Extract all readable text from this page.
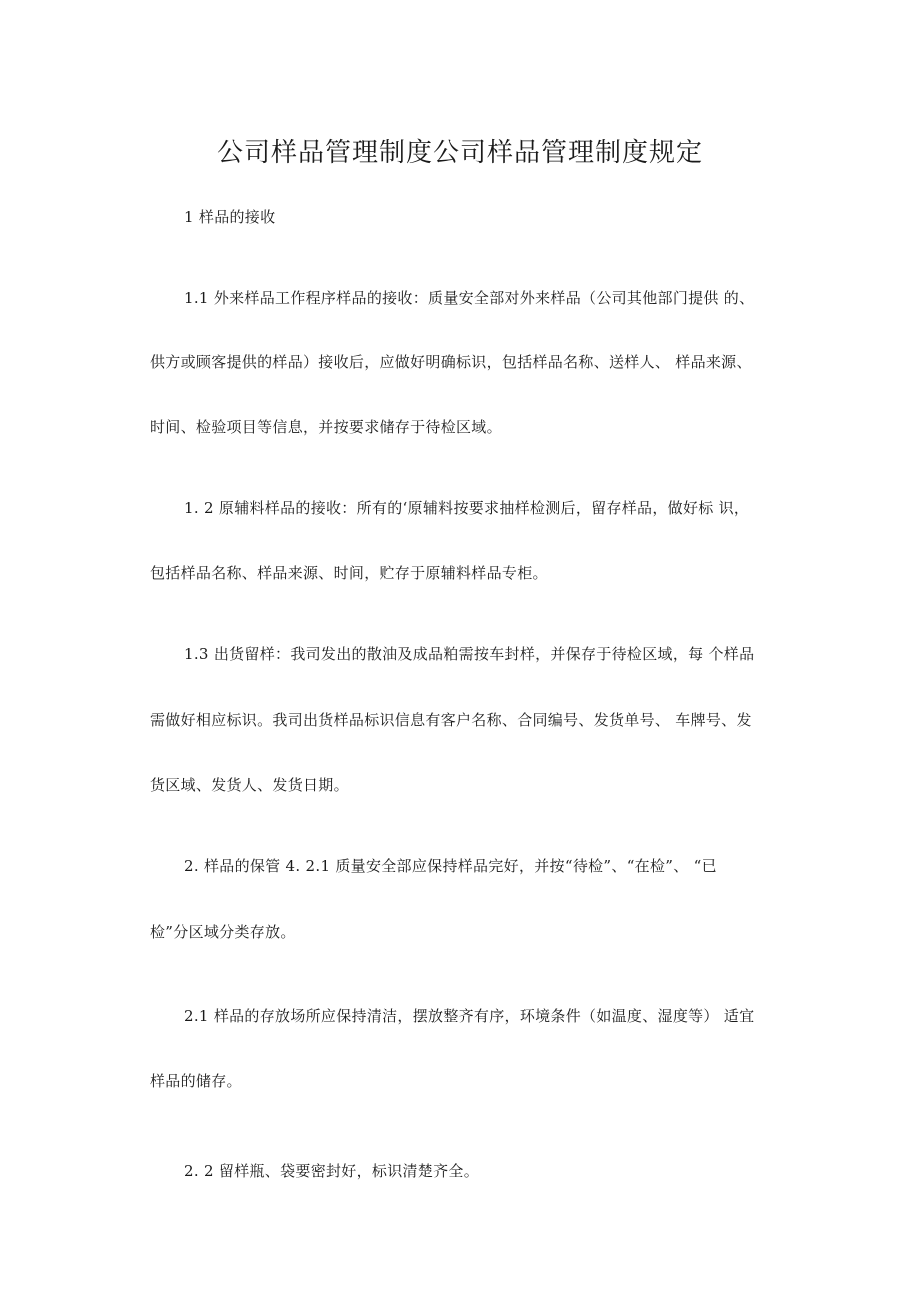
公司样品管理制度公司样品管理制度规定
1 样品的接收
1.1 外来样品工作程序样品的接收：质量安全部对外来样品（公司其他部门提供 的、
供方或顾客提供的样品）接收后，应做好明确标识，包括样品名称、送样人、 样品来源、
时间、检验项目等信息，并按要求储存于待检区域。
1. 2 原辅料样品的接收：所有的‘原辅料按要求抽样检测后，留存样品，做好标 识，
包括样品名称、样品来源、时间，贮存于原辅料样品专柜。
1.3 出货留样：我司发出的散油及成品粕需按车封样，并保存于待检区域，每 个样品
需做好相应标识。我司出货样品标识信息有客户名称、合同编号、发货单号、 车牌号、发
货区域、发货人、发货日期。
2. 样品的保管 4. 2.1 质量安全部应保持样品完好，并按“待检”、“在检”、 “已
检”分区域分类存放。
2.1 样品的存放场所应保持清洁，摆放整齐有序，环境条件（如温度、湿度等） 适宜
样品的储存。
2. 2 留样瓶、袋要密封好，标识清楚齐全。
